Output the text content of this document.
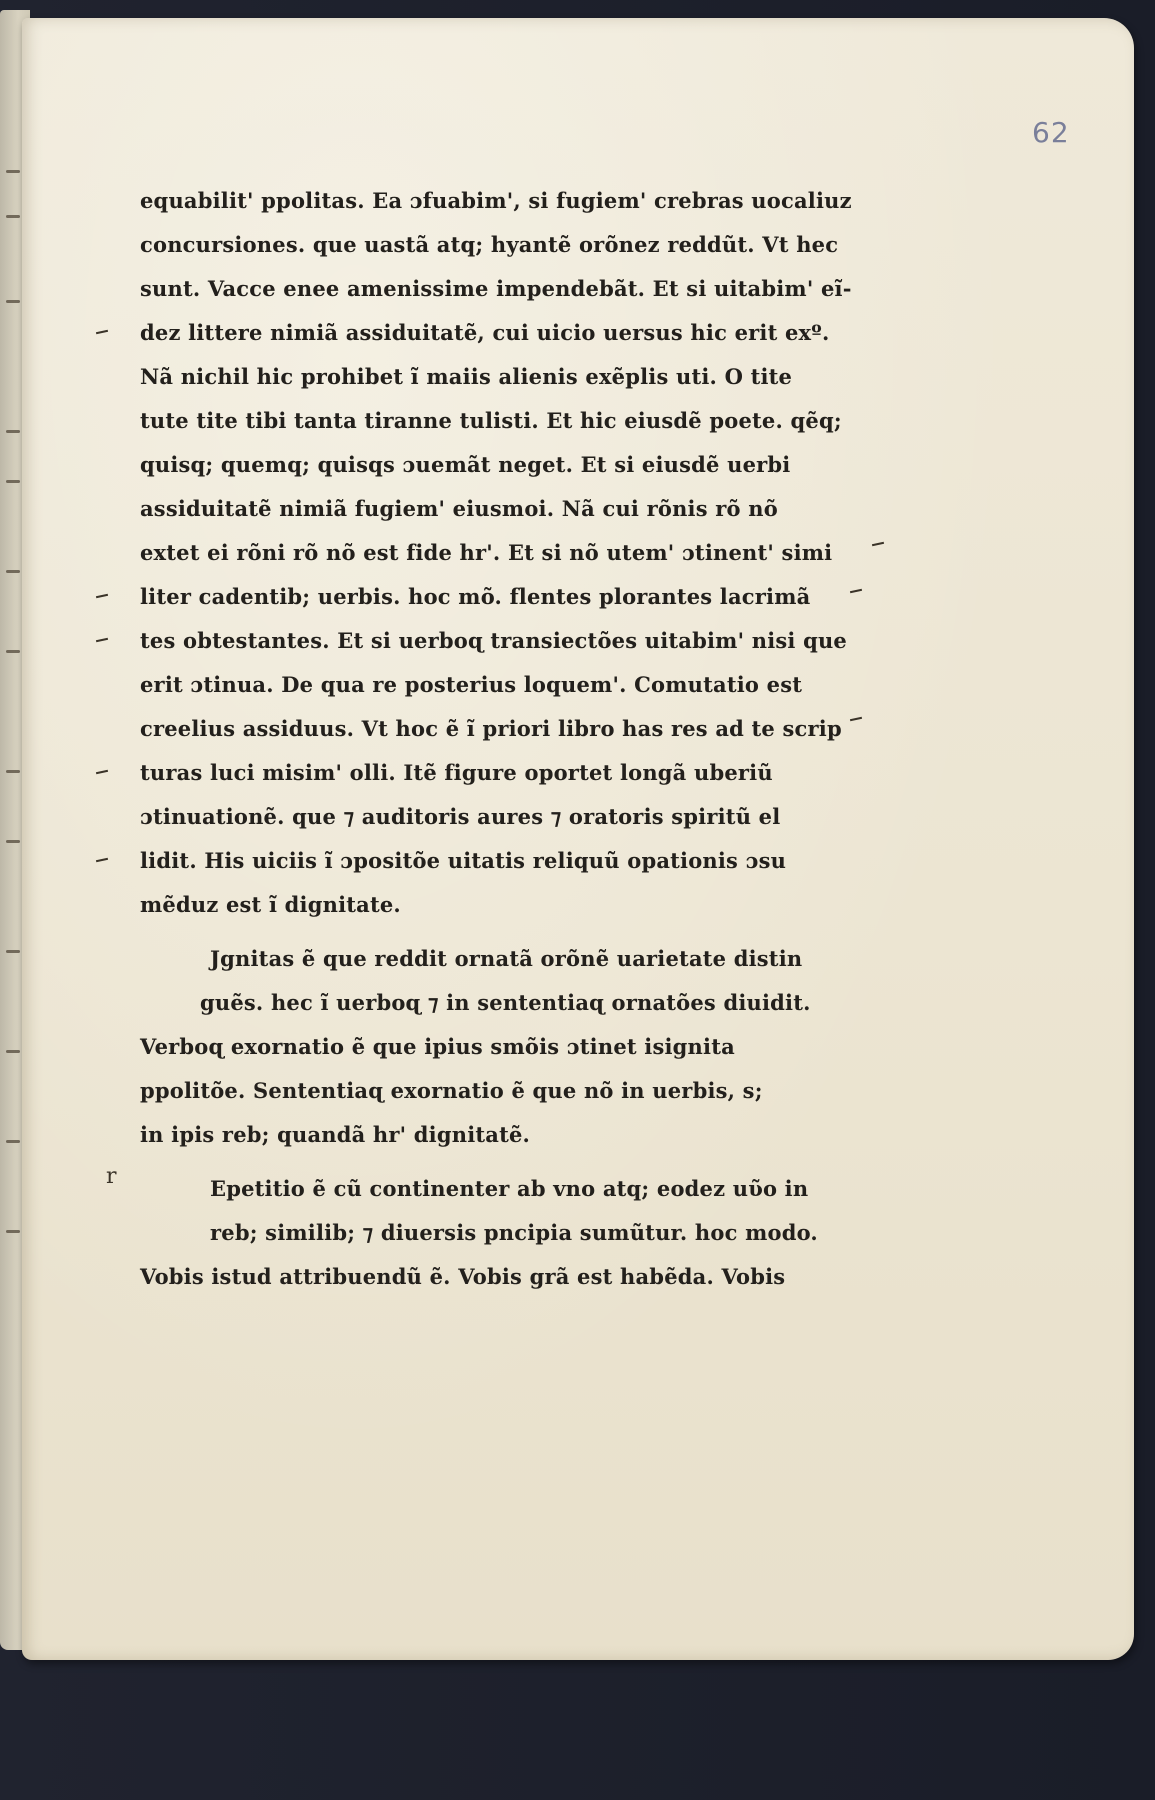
62
equabilit' ppolitas. Ea ɔfuabim', si fugiem' crebras uocaliuz
concursiones. que uastã atq; hyantẽ orõnez reddũt. Vt hec
sunt. Vacce enee amenissime impendebãt. Et si uitabim' eĩ-
dez littere nimiã assiduitatẽ, cui uicio uersus hic erit exº.
Nã nichil hic prohibet ĩ maiis alienis exẽplis uti. O tite
tute tite tibi tanta tiranne tulisti. Et hic eiusdẽ poete. qẽq;
quisq; quemq; quisqs ɔuemãt neget. Et si eiusdẽ uerbi
assiduitatẽ nimiã fugiem' eiusmoi. Nã cui rõnis rõ nõ
extet ei rõni rõ nõ est fide hr'. Et si nõ utem' ɔtinent' simi
liter cadentib; uerbis. hoc mõ. flentes plorantes lacrimã
tes obtestantes. Et si uerboɋ transiectões uitabim' nisi que
erit ɔtinua. De qua re posterius loquem'. Comutatio est
creelius assiduus. Vt hoc ẽ ĩ priori libro has res ad te scrip
turas luci misim' olli. Itẽ figure oportet longã uberiũ
ɔtinuationẽ. que ⁊ auditoris aures ⁊ oratoris spiritũ el
lidit. His uiciis ĩ ɔpositõe uitatis reliquũ opationis ɔsu
mẽduz est ĩ dignitate.
Jgnitas ẽ que reddit ornatã orõnẽ uarietate distin
guẽs. hec ĩ uerboɋ ⁊ in sententiaɋ ornatões diuidit.
Verboɋ exornatio ẽ que ipius smõis ɔtinet isignita
ppolitõe. Sententiaɋ exornatio ẽ que nõ in uerbis, s;
in ipis reb; quandã hr' dignitatẽ.
Epetitio ẽ cũ continenter ab vno atq; eodez uῦo in
reb; similib; ⁊ diuersis pncipia sumũtur. hoc modo.
Vobis istud attribuendũ ẽ. Vobis grã est habẽda. Vobis
r
